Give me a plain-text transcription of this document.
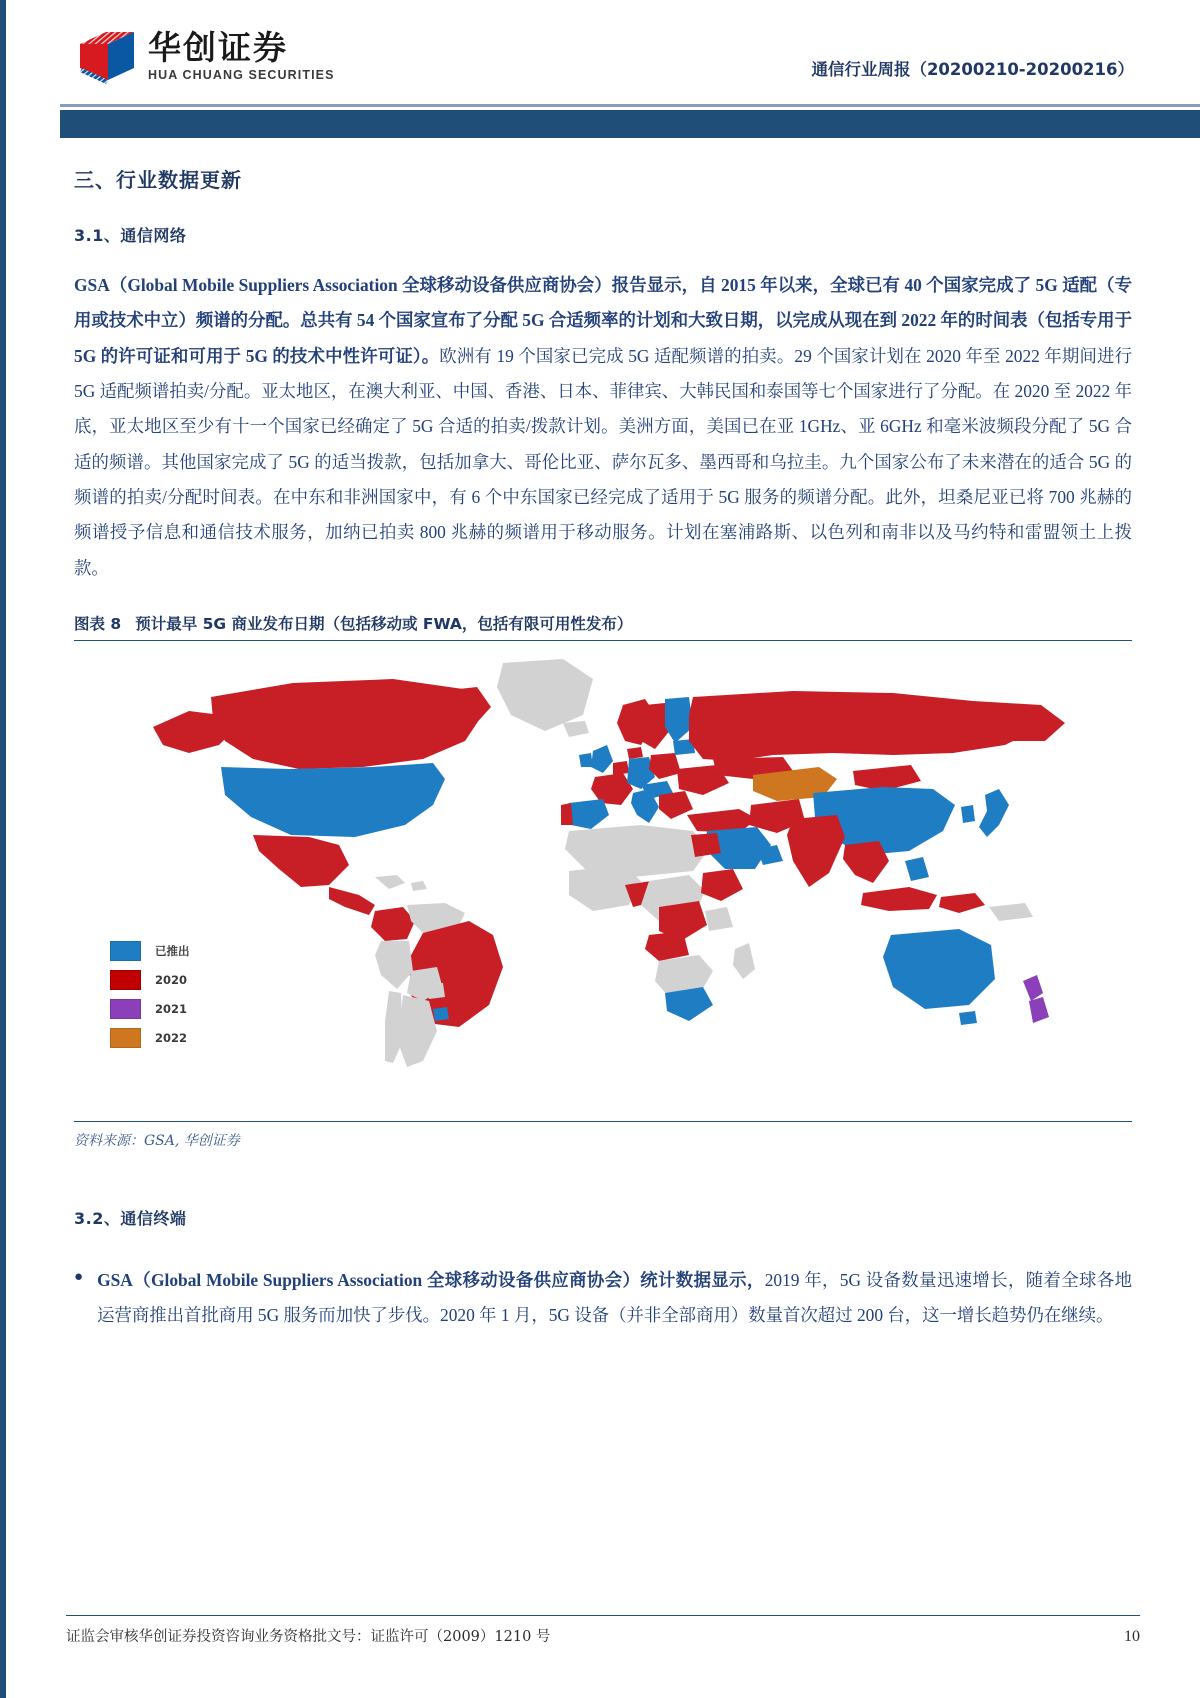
华创证券
HUA CHUANG SECURITIES	通信行业周报（20200210-20200216）
三、行业数据更新
3.1、通信网络

GSA（Global Mobile Suppliers Association 全球移动设备供应商协会）报告显示，自 2015 年以来，全球已有 40 个国家完成了 5G 适配（专用或技术中立）频谱的分配。总共有 54 个国家宣布了分配 5G 合适频率的计划和大致日期，以完成从现在到 2022 年的时间表（包括专用于 5G 的许可证和可用于 5G 的技术中性许可证）。欧洲有 19 个国家已完成 5G 适配频谱的拍卖。29 个国家计划在 2020 年至 2022 年期间进行 5G 适配频谱拍卖/分配。亚太地区，在澳大利亚、中国、香港、日本、菲律宾、大韩民国和泰国等七个国家进行了分配。在 2020 至 2022 年底，亚太地区至少有十一个国家已经确定了 5G 合适的拍卖/拨款计划。美洲方面，美国已在亚 1GHz、亚 6GHz 和毫米波频段分配了 5G 合适的频谱。其他国家完成了 5G 的适当拨款，包括加拿大、哥伦比亚、萨尔瓦多、墨西哥和乌拉圭。九个国家公布了未来潜在的适合 5G 的频谱的拍卖/分配时间表。在中东和非洲国家中，有 6 个中东国家已经完成了适用于 5G 服务的频谱分配。此外，坦桑尼亚已将 700 兆赫的频谱授予信息和通信技术服务，加纳已拍卖 800 兆赫的频谱用于移动服务。计划在塞浦路斯、以色列和南非以及马约特和雷盟领土上拨款。

图表 8 预计最早 5G 商业发布日期（包括移动或 FWA，包括有限可用性发布）
已推出
2020
2021
2022
资料来源：GSA, 华创证券
3.2、通信终端
● GSA（Global Mobile Suppliers Association 全球移动设备供应商协会）统计数据显示，2019 年，5G 设备数量迅速增长，随着全球各地运营商推出首批商用 5G 服务而加快了步伐。2020 年 1 月，5G 设备（并非全部商用）数量首次超过 200 台，这一增长趋势仍在继续。
证监会审核华创证券投资咨询业务资格批文号：证监许可（2009）1210 号	10
